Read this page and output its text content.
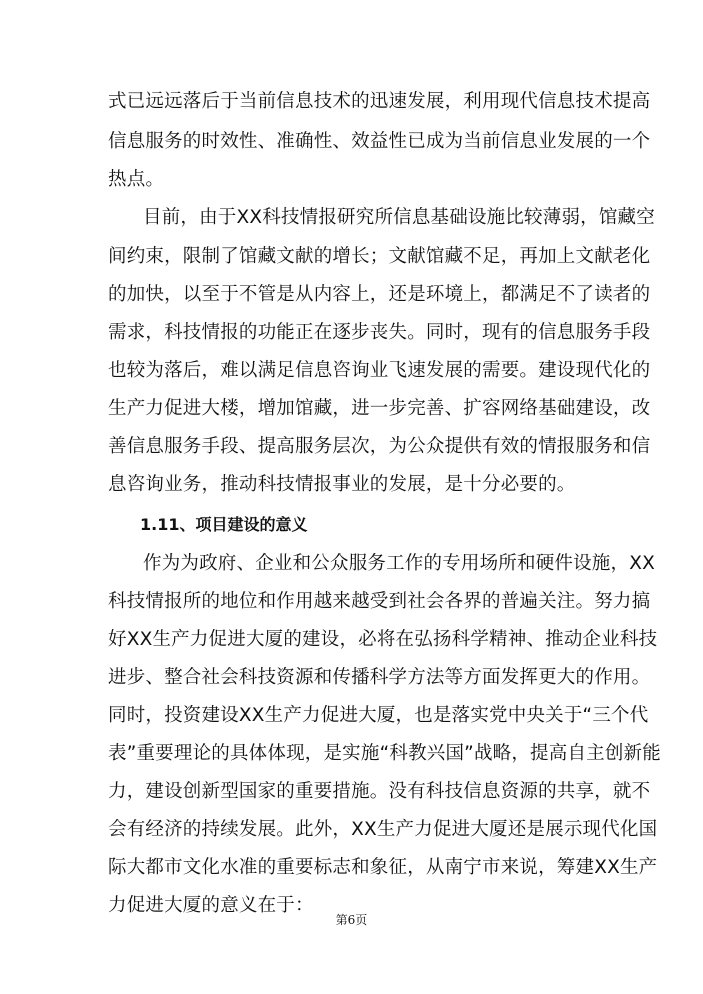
式已远远落后于当前信息技术的迅速发展，利用现代信息技术提高
信息服务的时效性、准确性、效益性已成为当前信息业发展的一个
热点。
目前，由于XX科技情报研究所信息基础设施比较薄弱，馆藏空
间约束，限制了馆藏文献的增长；文献馆藏不足，再加上文献老化
的加快，以至于不管是从内容上，还是环境上，都满足不了读者的
需求，科技情报的功能正在逐步丧失。同时，现有的信息服务手段
也较为落后，难以满足信息咨询业飞速发展的需要。建设现代化的
生产力促进大楼，增加馆藏，进一步完善、扩容网络基础建设，改
善信息服务手段、提高服务层次，为公众提供有效的情报服务和信
息咨询业务，推动科技情报事业的发展，是十分必要的。
1.11、项目建设的意义
作为为政府、企业和公众服务工作的专用场所和硬件设施，XX
科技情报所的地位和作用越来越受到社会各界的普遍关注。努力搞
好XX生产力促进大厦的建设，必将在弘扬科学精神、推动企业科技
进步、整合社会科技资源和传播科学方法等方面发挥更大的作用。
同时，投资建设XX生产力促进大厦，也是落实党中央关于“三个代
表”重要理论的具体体现，是实施“科教兴国”战略，提高自主创新能
力，建设创新型国家的重要措施。没有科技信息资源的共享，就不
会有经济的持续发展。此外，XX生产力促进大厦还是展示现代化国
际大都市文化水准的重要标志和象征，从南宁市来说，筹建XX生产
力促进大厦的意义在于：
第6页
